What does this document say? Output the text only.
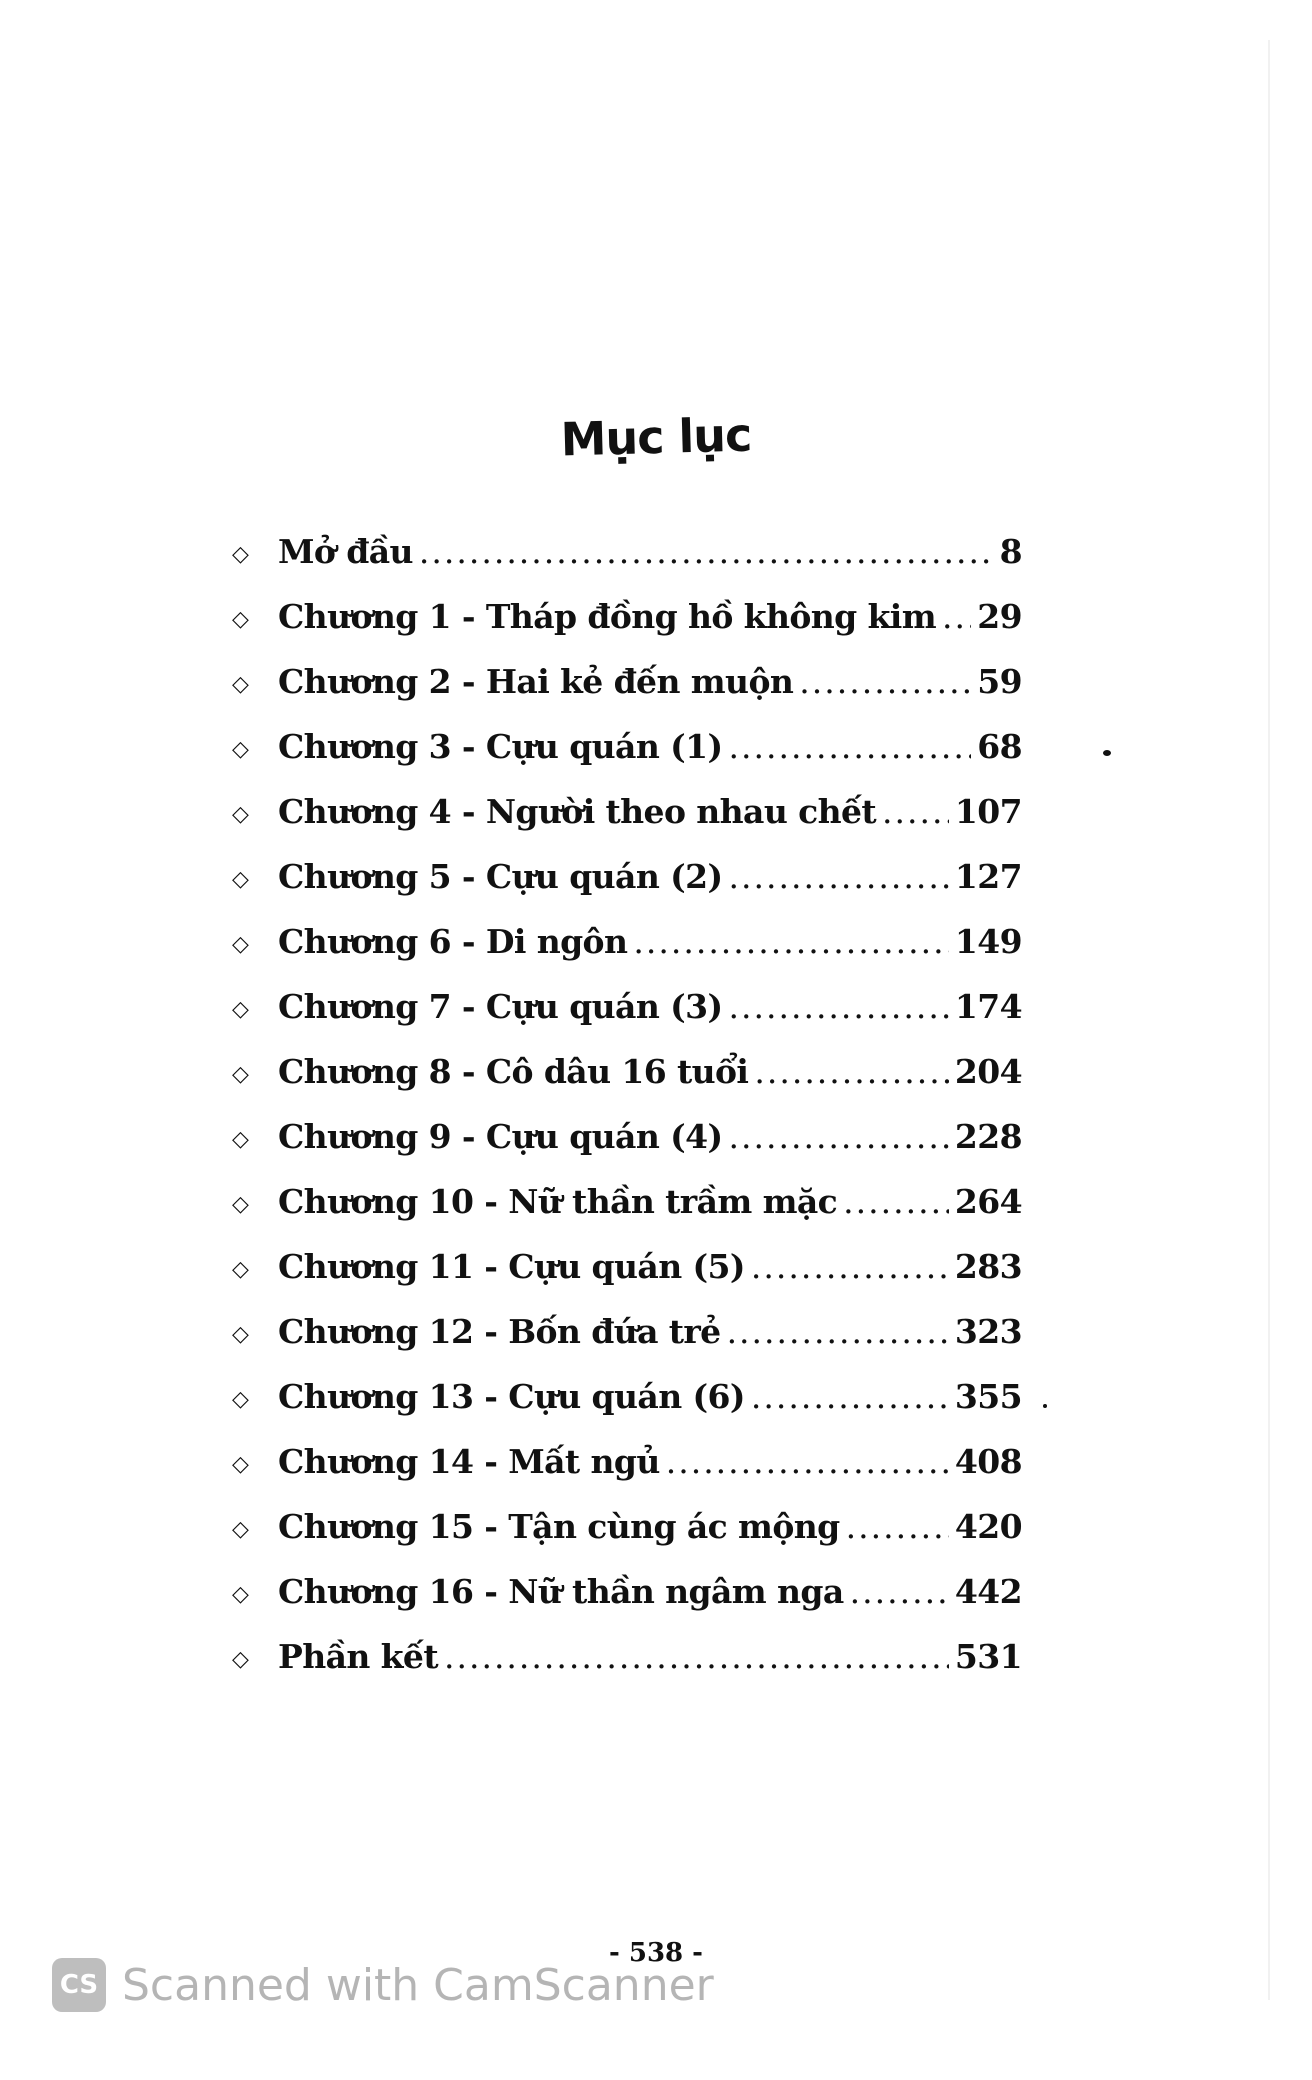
Mục lục
◇ Mở đầu .....	8
◇ Chương 1 - Tháp đồng hồ không kim ..... 29
◇ Chương 2 - Hai kẻ đến muộn .....	59
◇ Chương 3 - Cựu quán (1) .....	68
◇ Chương 4 - Người theo nhau chết ..... 107
◇ Chương 5 - Cựu quán (2) .....	127
◇ Chương 6 - Di ngôn .....	149
◇ Chương 7 - Cựu quán (3) .....	174
◇ Chương 8 - Cô dâu 16 tuổi .....	204
◇ Chương 9 - Cựu quán (4) .....	228
◇ Chương 10 - Nữ thần trầm mặc .....	264
◇ Chương 11 - Cựu quán (5) .....	283
◇ Chương 12 - Bốn đứa trẻ .....	323
◇ Chương 13 - Cựu quán (6) .....	355
◇ Chương 14 - Mất ngủ .....	408
◇ Chương 15 - Tận cùng ác mộng .....	420
◇ Chương 16 - Nữ thần ngâm nga .....	442
◇ Phần kết .....	531
- 538 -
CS Scanned with CamScanner
